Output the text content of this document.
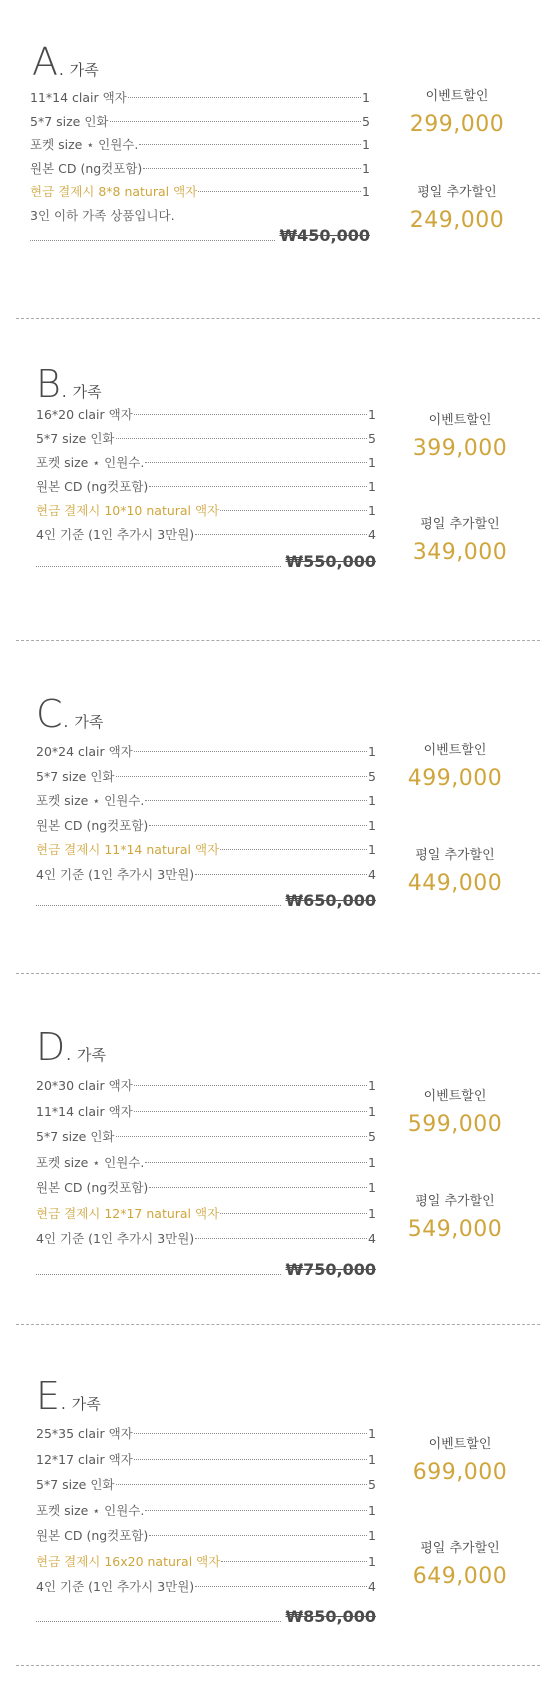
A . 가족
11*14 clair 액자	1
5*7 size 인화	5
포켓 size ⋆ 인원수.	1
원본 CD (ng컷포함)	1
현금 결제시 8*8 natural 액자	1
3인 이하 가족 상품입니다.
₩450,000
이벤트할인
299,000
평일 추가할인
249,000
B . 가족
16*20 clair 액자	1
5*7 size 인화	5
포켓 size ⋆ 인원수.	1
원본 CD (ng컷포함)	1
현금 결제시 10*10 natural 액자	1
4인 기준 (1인 추가시 3만원)	4
₩550,000
이벤트할인
399,000
평일 추가할인
349,000
C . 가족
20*24 clair 액자	1
5*7 size 인화	5
포켓 size ⋆ 인원수.	1
원본 CD (ng컷포함)	1
현금 결제시 11*14 natural 액자	1
4인 기준 (1인 추가시 3만원)	4
₩650,000
이벤트할인
499,000
평일 추가할인
449,000
D . 가족
20*30 clair 액자	1
11*14 clair 액자	1
5*7 size 인화	5
포켓 size ⋆ 인원수.	1
원본 CD (ng컷포함)	1
현금 결제시 12*17 natural 액자	1
4인 기준 (1인 추가시 3만원)	4
₩750,000
이벤트할인
599,000
평일 추가할인
549,000
E . 가족
25*35 clair 액자	1
12*17 clair 액자	1
5*7 size 인화	5
포켓 size ⋆ 인원수.	1
원본 CD (ng컷포함)	1
현금 결제시 16x20 natural 액자	1
4인 기준 (1인 추가시 3만원)	4
₩850,000
이벤트할인
699,000
평일 추가할인
649,000
